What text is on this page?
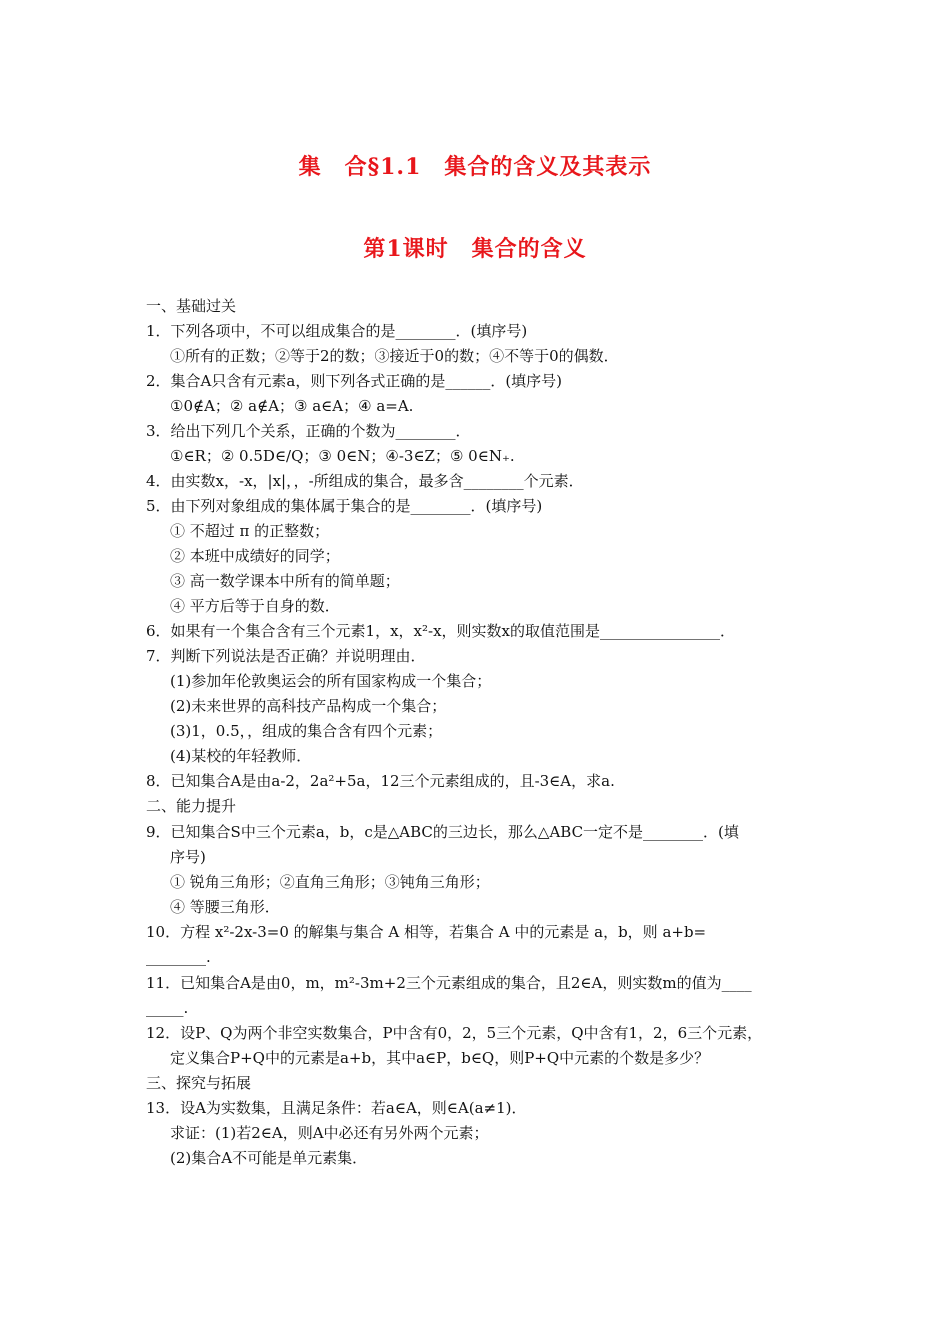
集　合§1.1　集合的含义及其表示
第1课时　集合的含义
一、基础过关
1．下列各项中，不可以组成集合的是________．(填序号)
①所有的正数；②等于2的数；③接近于0的数；④不等于0的偶数．
2．集合A只含有元素a，则下列各式正确的是______．(填序号)
①0∉A；② a∉A；③ a∈A；④ a=A.
3．给出下列几个关系，正确的个数为________．
①∈R；② 0.5D∈/Q；③ 0∈N；④-3∈Z；⑤ 0∈N₊.
4．由实数x，-x，|x|，，-所组成的集合，最多含________个元素．
5．由下列对象组成的集体属于集合的是________．(填序号)
① 不超过 π 的正整数；
② 本班中成绩好的同学；
③ 高一数学课本中所有的简单题；
④ 平方后等于自身的数．
6．如果有一个集合含有三个元素1，x，x²-x，则实数x的取值范围是________________．
7．判断下列说法是否正确？并说明理由．
(1)参加年伦敦奥运会的所有国家构成一个集合；
(2)未来世界的高科技产品构成一个集合；
(3)1，0.5，，组成的集合含有四个元素；
(4)某校的年轻教师．
8．已知集合A是由a-2，2a²+5a，12三个元素组成的，且-3∈A，求a.
二、能力提升
9．已知集合S中三个元素a，b，c是△ABC的三边长，那么△ABC一定不是________．(填
序号)
① 锐角三角形；②直角三角形；③钝角三角形；
④ 等腰三角形．
10．方程 x²-2x-3=0 的解集与集合 A 相等，若集合 A 中的元素是 a，b，则 a+b=
________.
11．已知集合A是由0，m，m²-3m+2三个元素组成的集合，且2∈A，则实数m的值为____
_____.
12．设P、Q为两个非空实数集合，P中含有0，2，5三个元素，Q中含有1，2，6三个元素，
定义集合P+Q中的元素是a+b，其中a∈P，b∈Q，则P+Q中元素的个数是多少？
三、探究与拓展
13．设A为实数集，且满足条件：若a∈A，则∈A(a≠1)．
求证：(1)若2∈A，则A中必还有另外两个元素；
(2)集合A不可能是单元素集．
